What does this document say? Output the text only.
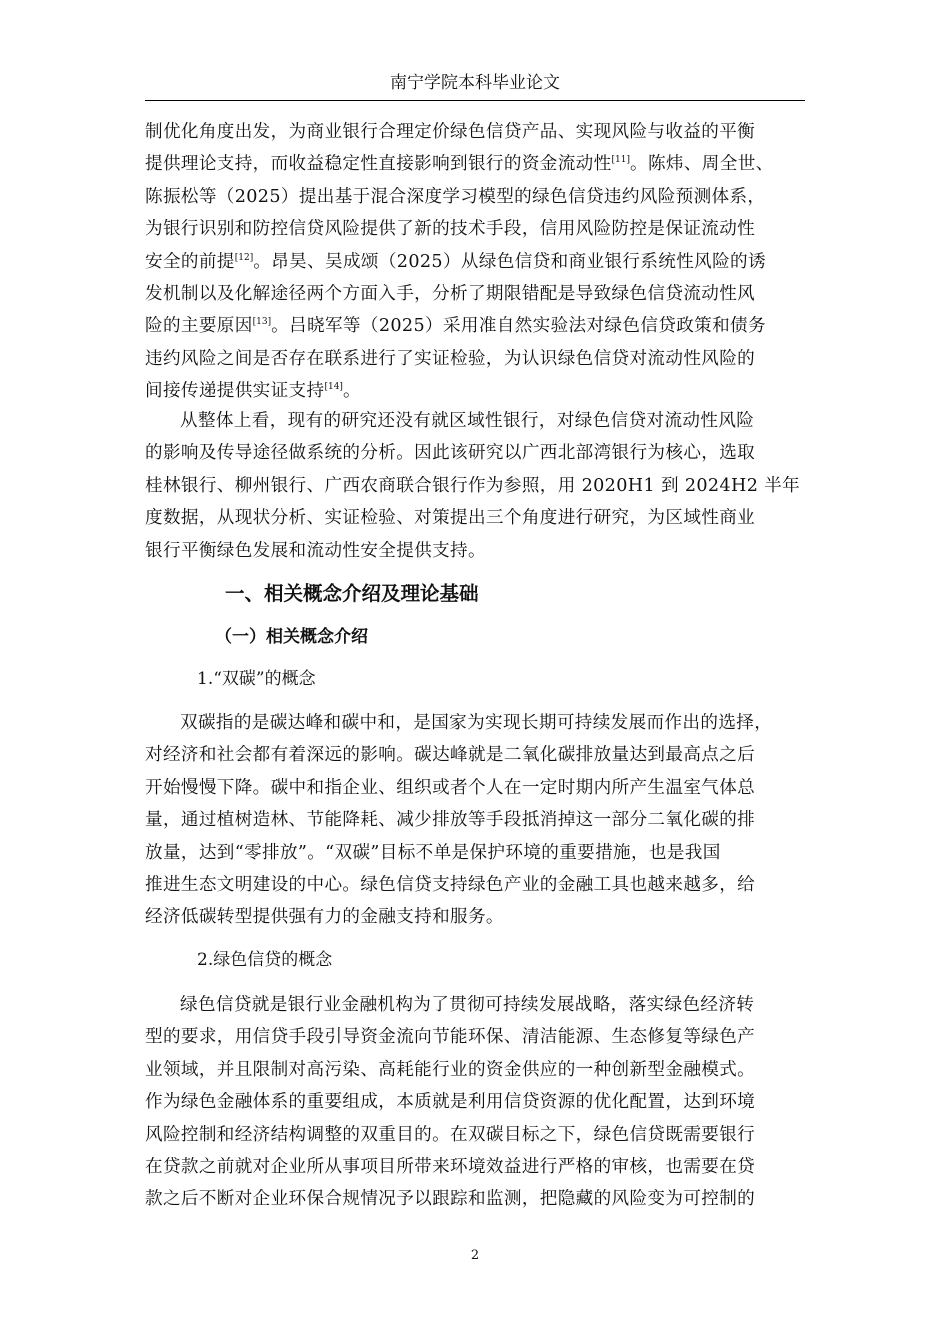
南宁学院本科毕业论文
制优化角度出发，为商业银行合理定价绿色信贷产品、实现风险与收益的平衡
提供理论支持，而收益稳定性直接影响到银行的资金流动性[11]。陈炜、周全世、
陈振松等（2025）提出基于混合深度学习模型的绿色信贷违约风险预测体系，
为银行识别和防控信贷风险提供了新的技术手段，信用风险防控是保证流动性
安全的前提[12]。昂昊、吴成颂（2025）从绿色信贷和商业银行系统性风险的诱
发机制以及化解途径两个方面入手，分析了期限错配是导致绿色信贷流动性风
险的主要原因[13]。吕晓军等（2025）采用准自然实验法对绿色信贷政策和债务
违约风险之间是否存在联系进行了实证检验，为认识绿色信贷对流动性风险的
间接传递提供实证支持[14]。
从整体上看，现有的研究还没有就区域性银行，对绿色信贷对流动性风险
的影响及传导途径做系统的分析。因此该研究以广西北部湾银行为核心，选取
桂林银行、柳州银行、广西农商联合银行作为参照，用 2020H1 到 2024H2 半年
度数据，从现状分析、实证检验、对策提出三个角度进行研究，为区域性商业
银行平衡绿色发展和流动性安全提供支持。
一、相关概念介绍及理论基础
（一）相关概念介绍
1.“双碳”的概念
双碳指的是碳达峰和碳中和，是国家为实现长期可持续发展而作出的选择，
对经济和社会都有着深远的影响。碳达峰就是二氧化碳排放量达到最高点之后
开始慢慢下降。碳中和指企业、组织或者个人在一定时期内所产生温室气体总
量，通过植树造林、节能降耗、减少排放等手段抵消掉这一部分二氧化碳的排
放量，达到“零排放”。“双碳”目标不单是保护环境的重要措施，也是我国
推进生态文明建设的中心。绿色信贷支持绿色产业的金融工具也越来越多，给
经济低碳转型提供强有力的金融支持和服务。
2.绿色信贷的概念
绿色信贷就是银行业金融机构为了贯彻可持续发展战略，落实绿色经济转
型的要求，用信贷手段引导资金流向节能环保、清洁能源、生态修复等绿色产
业领域，并且限制对高污染、高耗能行业的资金供应的一种创新型金融模式。
作为绿色金融体系的重要组成，本质就是利用信贷资源的优化配置，达到环境
风险控制和经济结构调整的双重目的。在双碳目标之下，绿色信贷既需要银行
在贷款之前就对企业所从事项目所带来环境效益进行严格的审核，也需要在贷
款之后不断对企业环保合规情况予以跟踪和监测，把隐藏的风险变为可控制的
2
